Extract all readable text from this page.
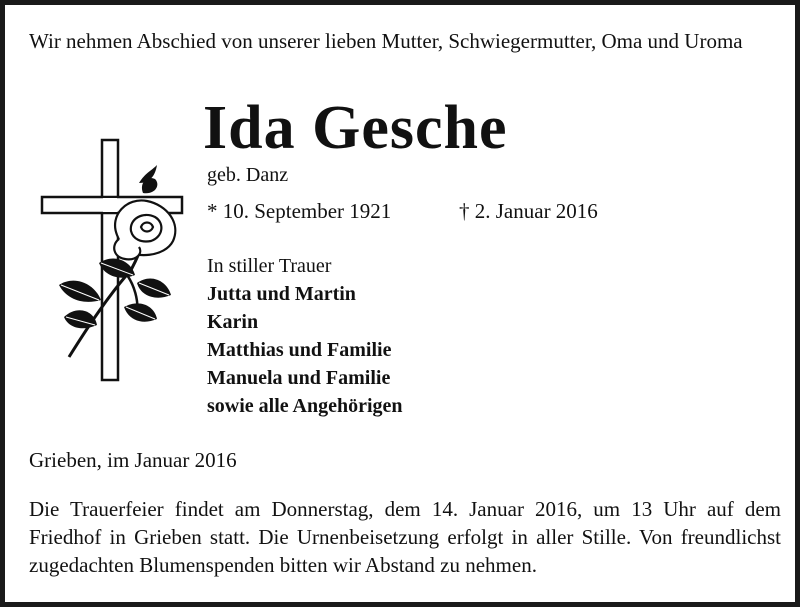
Wir nehmen Abschied von unserer lieben Mutter, Schwiegermutter, Oma und Uroma

Ida Gesche
geb. Danz
* 10. September 1921	† 2. Januar 2016
In stiller Trauer
Jutta und Martin
Karin
Matthias und Familie
Manuela und Familie
sowie alle Angehörigen
Grieben, im Januar 2016

Die Trauerfeier findet am Donnerstag, dem 14. Januar 2016, um 13 Uhr auf dem Friedhof in Grieben statt. Die Urnenbeisetzung erfolgt in aller Stille. Von freundlichst zugedachten Blumenspenden bitten wir Abstand zu nehmen.
